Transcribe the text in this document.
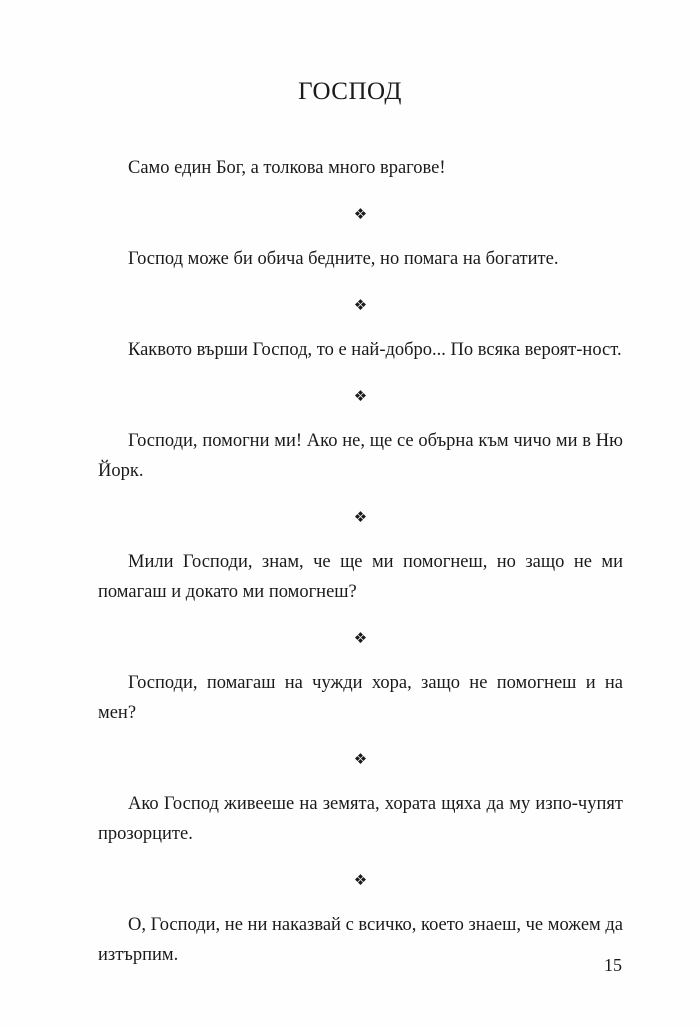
ГОСПОД

Само един Бог, а толкова много врагове!

❖

Господ може би обича бедните, но помага на богатите.

❖

Каквото върши Господ, то е най-добро... По всяка вероят-ност.

❖

Господи, помогни ми! Ако не, ще се обърна към чичо ми в Ню Йорк.

❖

Мили Господи, знам, че ще ми помогнеш, но защо не ми помагаш и докато ми помогнеш?

❖

Господи, помагаш на чужди хора, защо не помогнеш и на мен?

❖

Ако Господ живееше на земята, хората щяха да му изпо-чупят прозорците.

❖

О, Господи, не ни наказвай с всичко, което знаеш, че можем да изтърпим.	15
